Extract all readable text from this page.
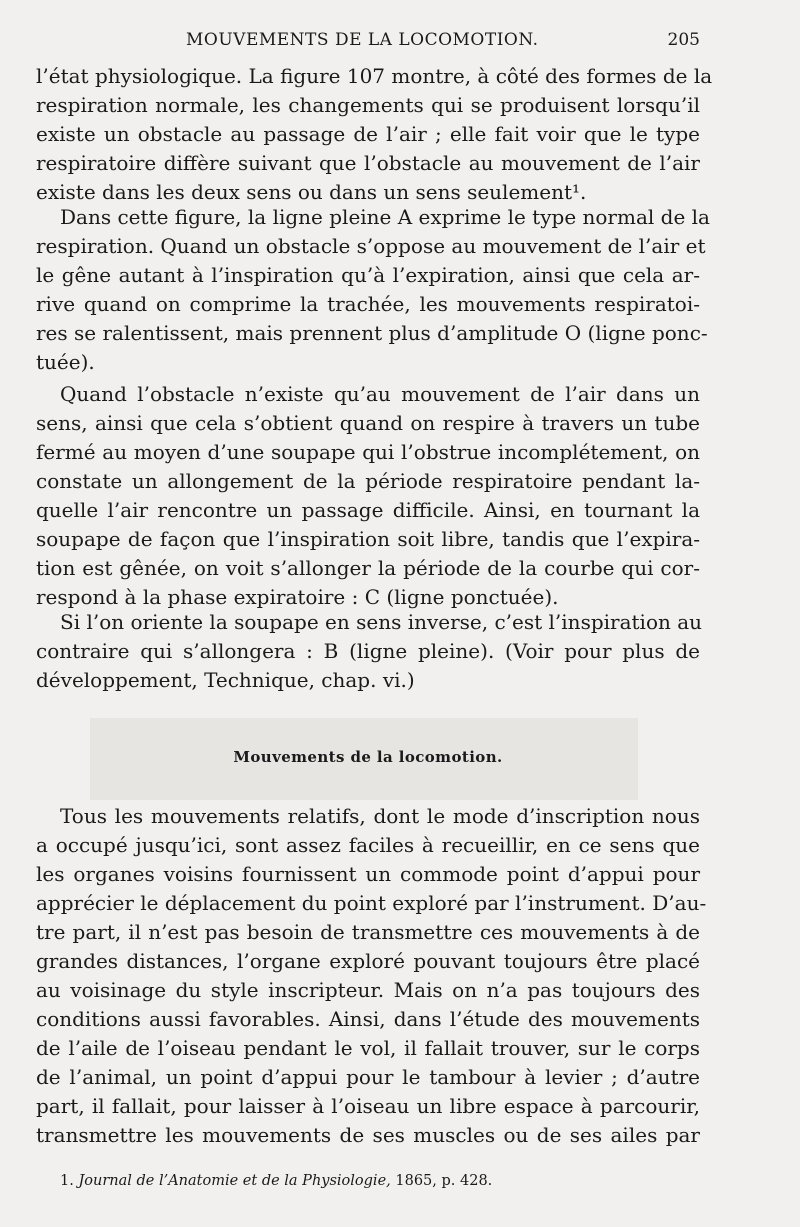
MOUVEMENTS DE LA LOCOMOTION.	205
l’état physiologique. La figure 107 montre, à côté des formes de la
respiration normale, les changements qui se produisent lorsqu’il
existe un obstacle au passage de l’air ; elle fait voir que le type
respiratoire diffère suivant que l’obstacle au mouvement de l’air
existe dans les deux sens ou dans un sens seulement¹.
Dans cette figure, la ligne pleine A exprime le type normal de la
respiration. Quand un obstacle s’oppose au mouvement de l’air et
le gêne autant à l’inspiration qu’à l’expiration, ainsi que cela ar-
rive quand on comprime la trachée, les mouvements respiratoi-
res se ralentissent, mais prennent plus d’amplitude O (ligne ponc-
tuée).
Quand l’obstacle n’existe qu’au mouvement de l’air dans un
sens, ainsi que cela s’obtient quand on respire à travers un tube
fermé au moyen d’une soupape qui l’obstrue incomplétement, on
constate un allongement de la période respiratoire pendant la-
quelle l’air rencontre un passage difficile. Ainsi, en tournant la
soupape de façon que l’inspiration soit libre, tandis que l’expira-
tion est gênée, on voit s’allonger la période de la courbe qui cor-
respond à la phase expiratoire : C (ligne ponctuée).
Si l’on oriente la soupape en sens inverse, c’est l’inspiration au
contraire qui s’allongera : B (ligne pleine). (Voir pour plus de
développement, Technique, chap. vi.)
Mouvements de la locomotion.
Tous les mouvements relatifs, dont le mode d’inscription nous
a occupé jusqu’ici, sont assez faciles à recueillir, en ce sens que
les organes voisins fournissent un commode point d’appui pour
apprécier le déplacement du point exploré par l’instrument. D’au-
tre part, il n’est pas besoin de transmettre ces mouvements à de
grandes distances, l’organe exploré pouvant toujours être placé
au voisinage du style inscripteur. Mais on n’a pas toujours des
conditions aussi favorables. Ainsi, dans l’étude des mouvements
de l’aile de l’oiseau pendant le vol, il fallait trouver, sur le corps
de l’animal, un point d’appui pour le tambour à levier ; d’autre
part, il fallait, pour laisser à l’oiseau un libre espace à parcourir,
transmettre les mouvements de ses muscles ou de ses ailes par
1. Journal de l’Anatomie et de la Physiologie, 1865, p. 428.
